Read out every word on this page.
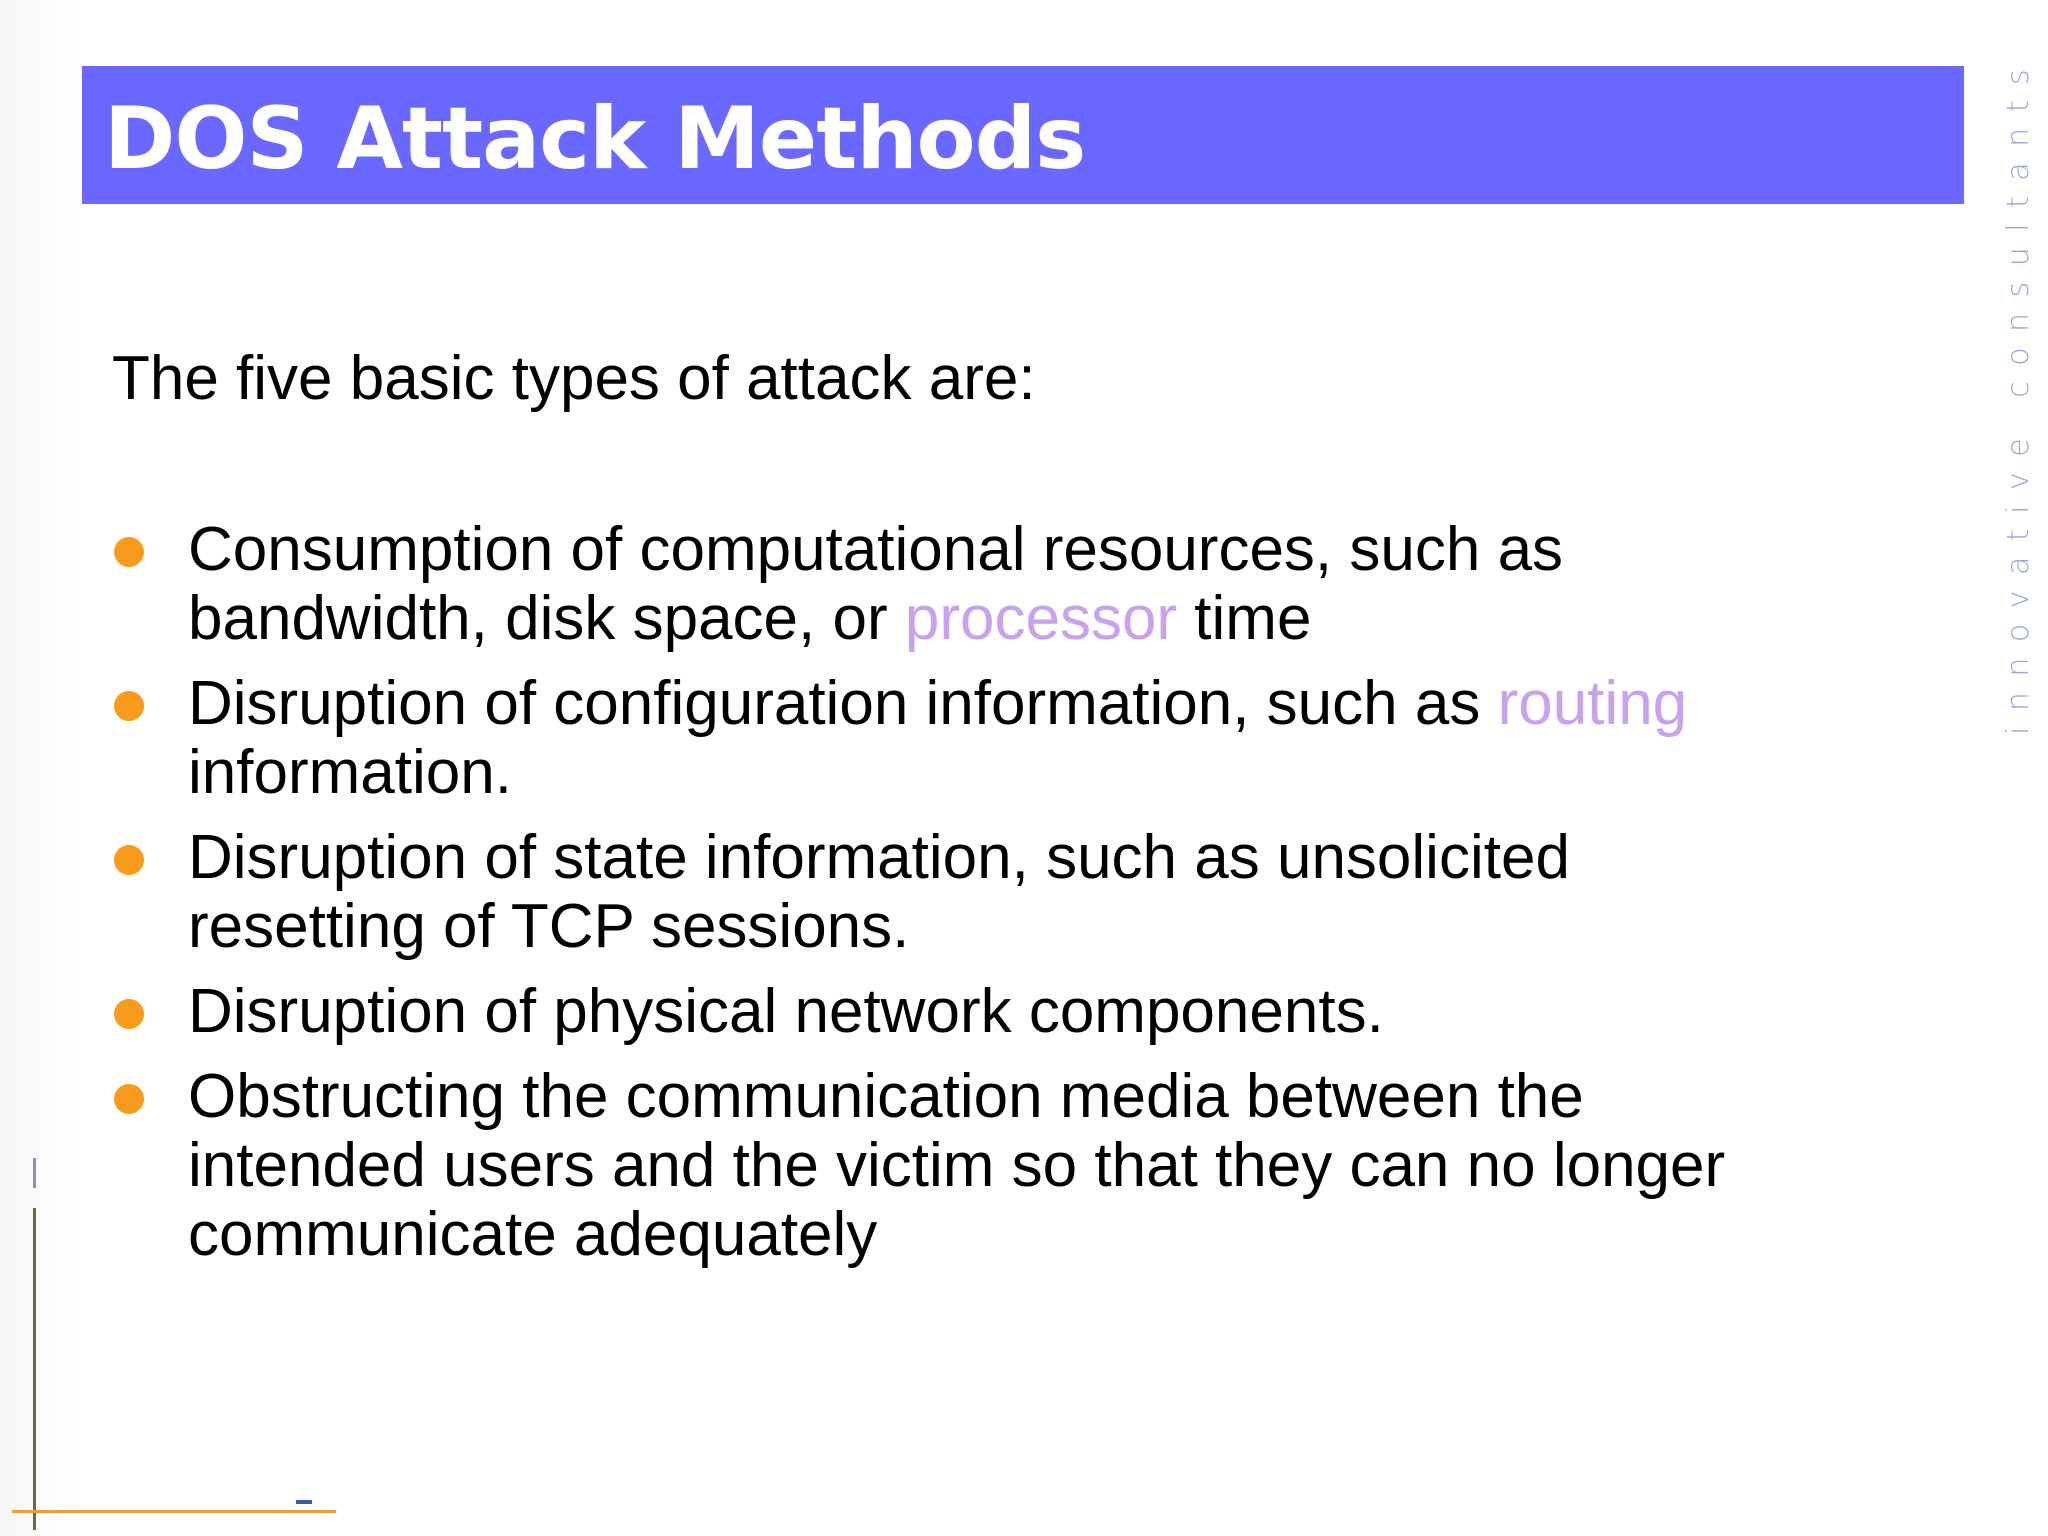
DOS Attack Methods	innovative consultants

The five basic types of attack are:

Consumption of computational resources, such as
bandwidth, disk space, or processor time
Disruption of configuration information, such as routing
information.
Disruption of state information, such as unsolicited
resetting of TCP sessions.
Disruption of physical network components.
Obstructing the communication media between the
intended users and the victim so that they can no longer
communicate adequately
